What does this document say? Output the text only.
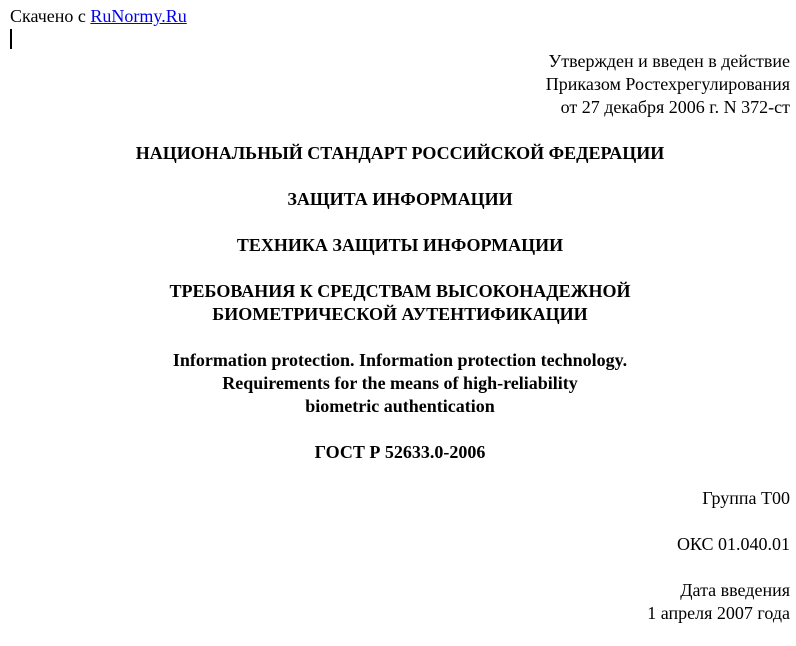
Скачено с RuNormy.Ru
Утвержден и введен в действие
Приказом Ростехрегулирования
от 27 декабря 2006 г. N 372-ст
НАЦИОНАЛЬНЫЙ СТАНДАРТ РОССИЙСКОЙ ФЕДЕРАЦИИ
ЗАЩИТА ИНФОРМАЦИИ
ТЕХНИКА ЗАЩИТЫ ИНФОРМАЦИИ
ТРЕБОВАНИЯ К СРЕДСТВАМ ВЫСОКОНАДЕЖНОЙ
БИОМЕТРИЧЕСКОЙ АУТЕНТИФИКАЦИИ
Information protection. Information protection technology.
Requirements for the means of high-reliability
biometric authentication
ГОСТ Р 52633.0-2006
Группа Т00
ОКС 01.040.01
Дата введения
1 апреля 2007 года
